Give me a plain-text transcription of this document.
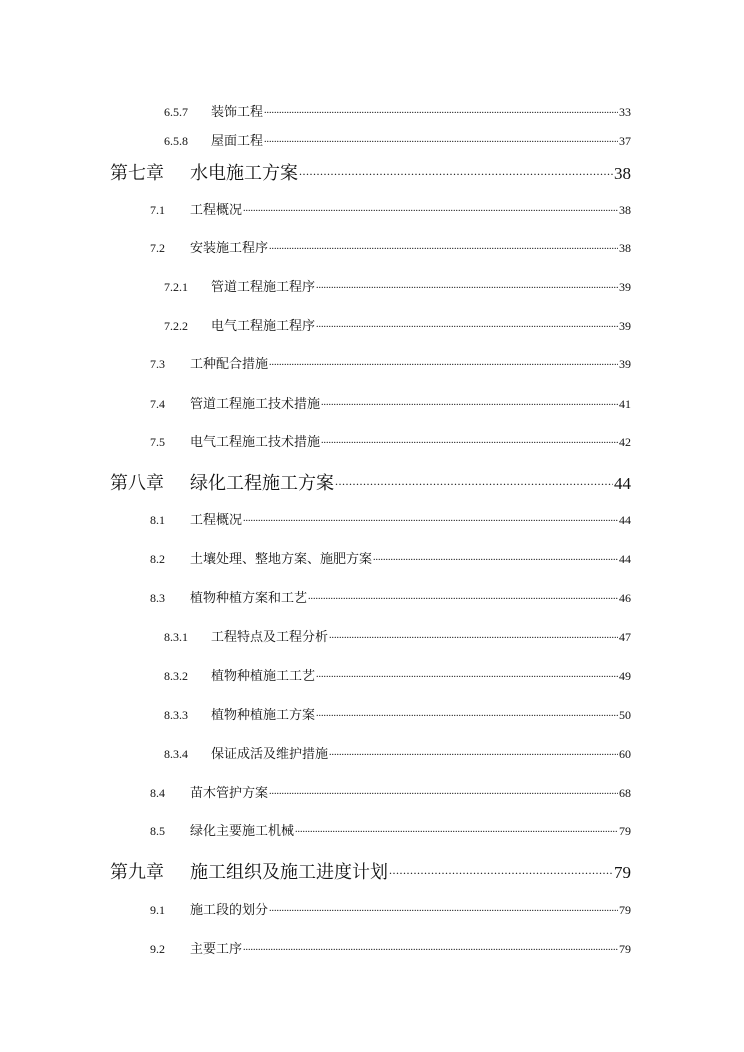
6.5.7	装饰工程 .....	33
6.5.8	屋面工程 .....	37
第七章	水电施工方案 .....	38
7.1	工程概况 .....	38
7.2	安装施工程序 .....	38
7.2.1	管道工程施工程序 .....	39
7.2.2	电气工程施工程序 .....	39
7.3	工种配合措施 .....	39
7.4	管道工程施工技术措施 .....	41
7.5	电气工程施工技术措施 .....	42
第八章	绿化工程施工方案 .....	44
8.1	工程概况 .....	44
8.2	土壤处理、整地方案、施肥方案 .....	44
8.3	植物种植方案和工艺 .....	46
8.3.1	工程特点及工程分析 .....	47
8.3.2	植物种植施工工艺 .....	49
8.3.3	植物种植施工方案 .....	50
8.3.4	保证成活及维护措施 .....	60
8.4	苗木管护方案 .....	68
8.5	绿化主要施工机械 .....	79
第九章	施工组织及施工进度计划 .....	79
9.1	施工段的划分 .....	79
9.2	主要工序 .....	79
